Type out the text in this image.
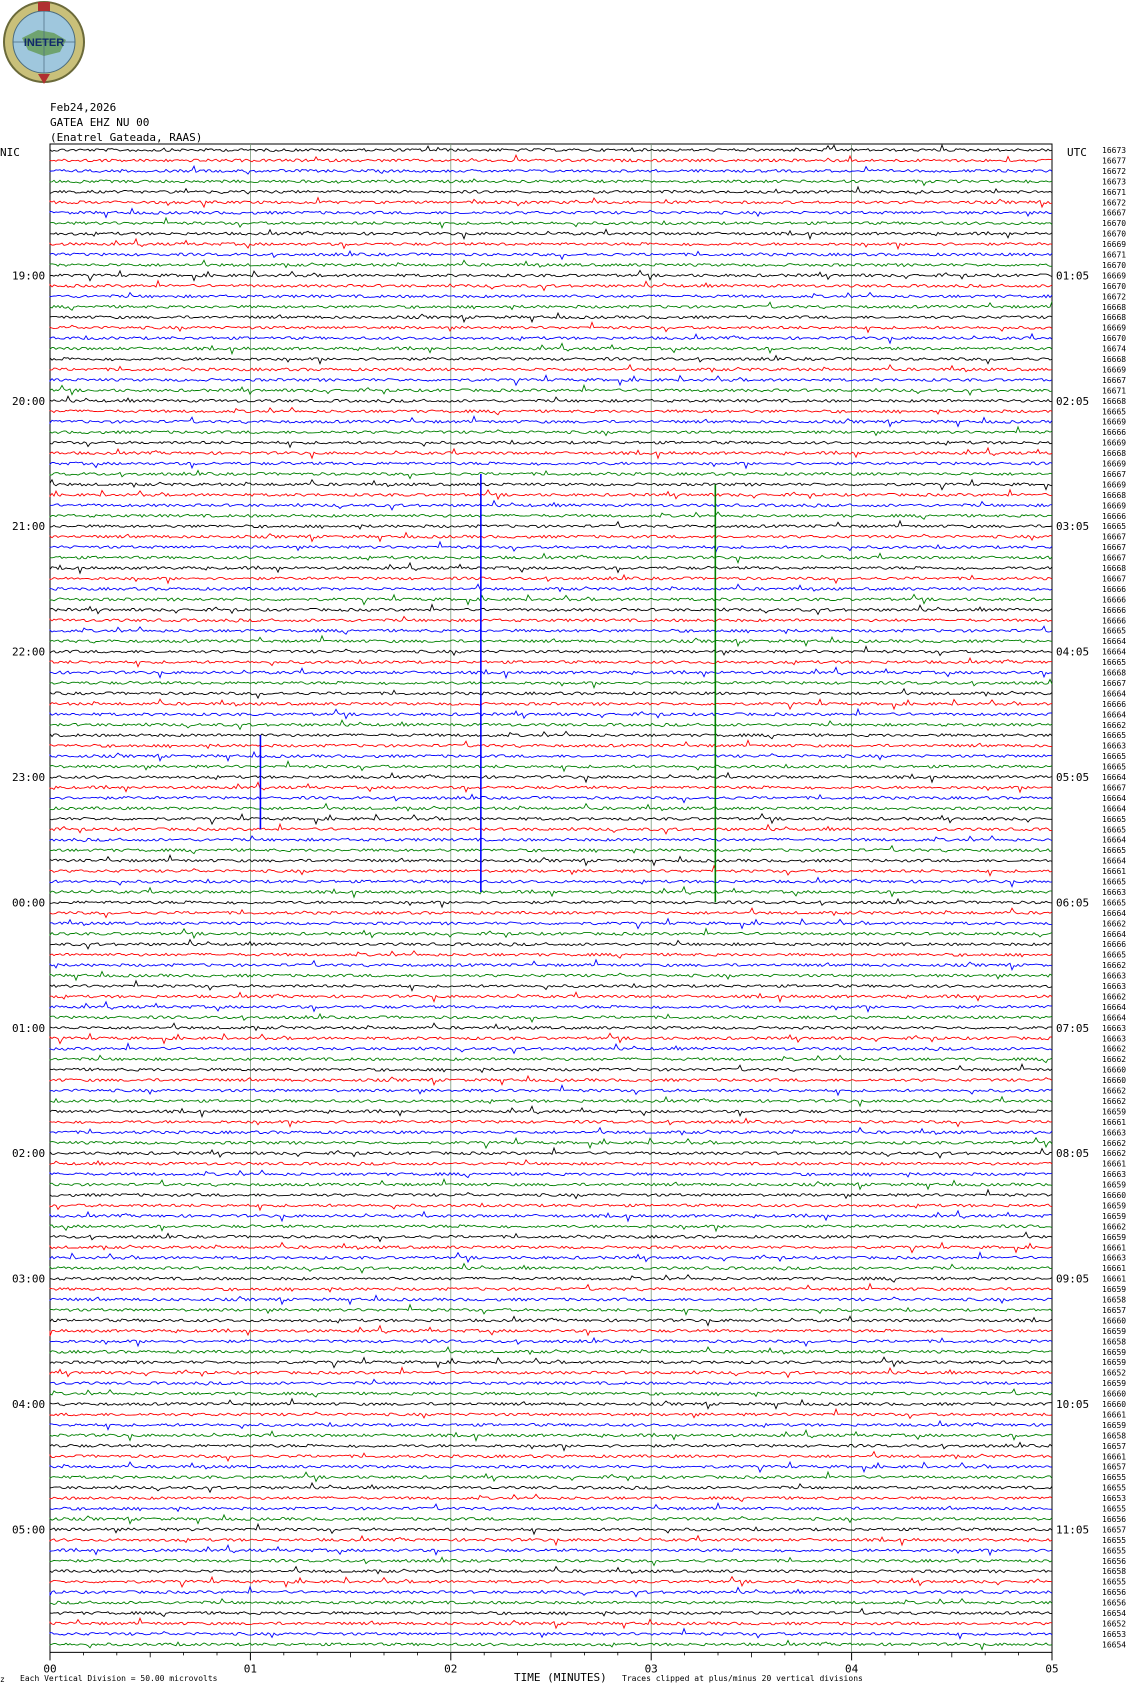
INETER
Feb24,2026
GATEA EHZ NU 00
(Enatrel Gateada, RAAS)
NIC	UTC
00	01	02	03	04	05
16673
16677
16672
16673
16671
16672
16667
16670
16670
16669
16671
16670
16669
16670
16672
16668
16668
16669
16670
16674
16668
16669
16667
16671
16668
16665
16669
16666
16669
16668
16669
16667
16669
16668
16669
16666
16665
16667
16667
16667
16668
16667
16666
16666
16666
16666
16665
16664
16664
16665
16668
16667
16664
16666
16664
16662
16665
16663
16665
16665
16664
16667
16664
16664
16665
16665
16664
16665
16664
16661
16665
16663
16665
16664
16662
16664
16666
16665
16662
16663
16663
16662
16664
16664
16663
16663
16662
16662
16660
16660
16662
16662
16659
16661
16663
16662
16662
16661
16663
16659
16660
16659
16659
16662
16659
16661
16663
16661
16661
16659
16658
16657
16660
16659
16658
16659
16659
16652
16659
16660
16660
16661
16659
16658
16657
16661
16657
16655
16655
16653
16655
16656
16657
16655
16655
16656
16658
16655
16656
16656
16654
16652
16653
16654
19:00	01:05
20:00	02:05
21:00	03:05
22:00	04:05
23:00	05:05
00:00	06:05
01:00	07:05
02:00	08:05
03:00	09:05
04:00	10:05
05:00	11:05
z Each Vertical Division = 50.00 microvolts	TIME (MINUTES) Traces clipped at plus/minus 20 vertical divisions
